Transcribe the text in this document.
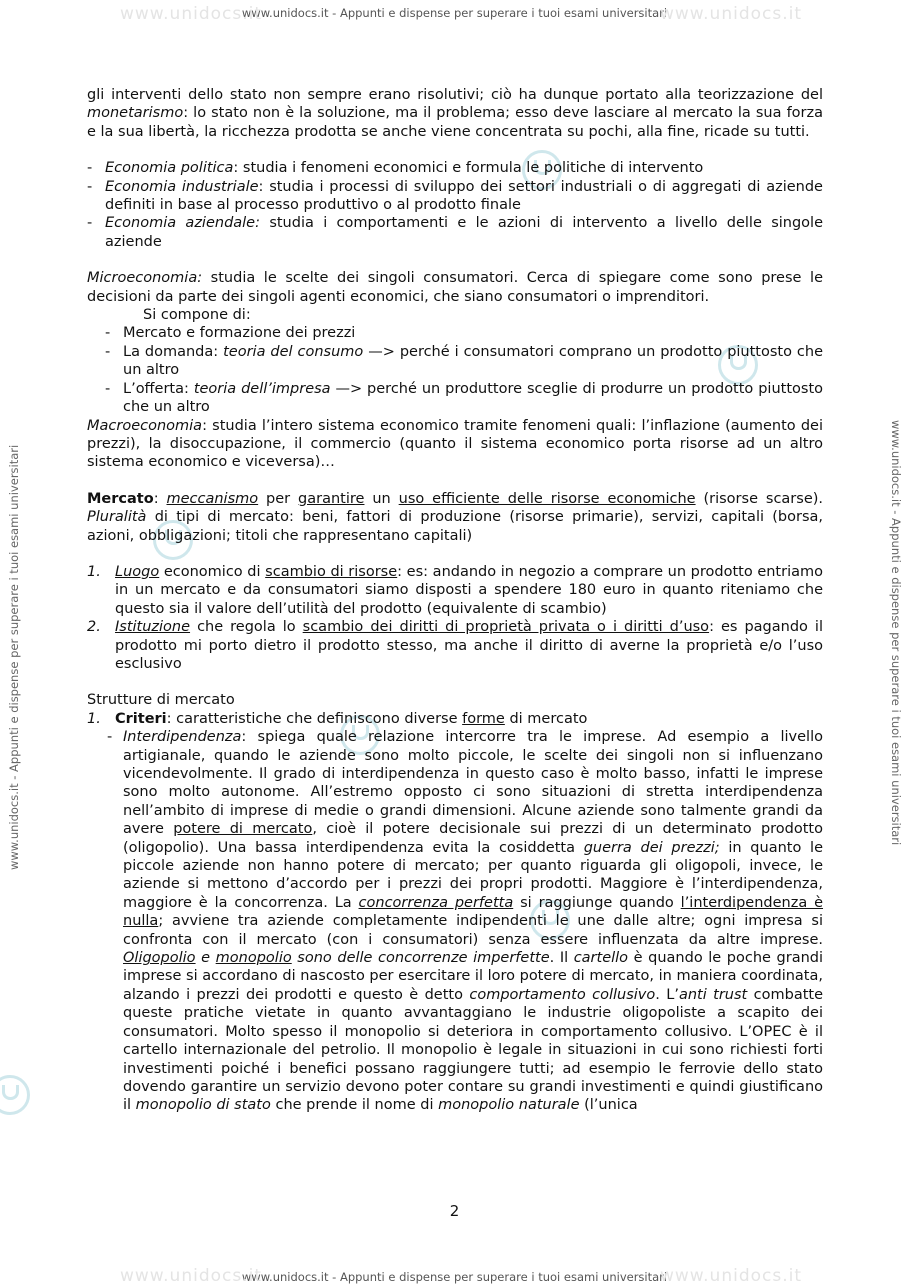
www.unidocs.it - Appunti e dispense per superare i tuoi esami universitari
www.unidocs.it - Appunti e dispense per superare i tuoi esami universitari
www.unidocs.it	www.unidocs.it
www.unidocs.it	www.unidocs.it
www.unidocs.it - Appunti e dispense per superare i tuoi esami universitari	www.unidocs.it - Appunti e dispense per superare i tuoi esami universitari

gli interventi dello stato non sempre erano risolutivi; ciò ha dunque portato alla teorizzazione del monetarismo: lo stato non è la soluzione, ma il problema; esso deve lasciare al mercato la sua forza e la sua libertà, la ricchezza prodotta se anche viene concentrata su pochi, alla fine, ricade su tutti.

- Economia politica: studia i fenomeni economici e formula le politiche di intervento
- Economia industriale: studia i processi di sviluppo dei settori industriali o di aggregati di aziende definiti in base al processo produttivo o al prodotto finale
- Economia aziendale: studia i comportamenti e le azioni di intervento a livello delle singole aziende

Microeconomia: studia le scelte dei singoli consumatori. Cerca di spiegare come sono prese le decisioni da parte dei singoli agenti economici, che siano consumatori o imprenditori.

Si compone di:

- Mercato e formazione dei prezzi
- La domanda: teoria del consumo —> perché i consumatori comprano un prodotto piuttosto che un altro
- L’offerta: teoria dell’impresa —> perché un produttore sceglie di produrre un prodotto piuttosto che un altro

Macroeconomia: studia l’intero sistema economico tramite fenomeni quali: l’inflazione (aumento dei prezzi), la disoccupazione, il commercio (quanto il sistema economico porta risorse ad un altro sistema economico e viceversa)…

Mercato: meccanismo per garantire un uso efficiente delle risorse economiche (risorse scarse). Pluralità di tipi di mercato: beni, fattori di produzione (risorse primarie), servizi, capitali (borsa, azioni, obbligazioni; titoli che rappresentano capitali)

1. Luogo economico di scambio di risorse: es: andando in negozio a comprare un prodotto entriamo in un mercato e da consumatori siamo disposti a spendere 180 euro in quanto riteniamo che questo sia il valore dell’utilità del prodotto (equivalente di scambio)
2. Istituzione che regola lo scambio dei diritti di proprietà privata o i diritti d’uso: es pagando il prodotto mi porto dietro il prodotto stesso, ma anche il diritto di averne la proprietà e/o l’uso esclusivo

Strutture di mercato

1. Criteri: caratteristiche che definiscono diverse forme di mercato
- Interdipendenza: spiega quale relazione intercorre tra le imprese. Ad esempio a livello artigianale, quando le aziende sono molto piccole, le scelte dei singoli non si influenzano vicendevolmente. Il grado di interdipendenza in questo caso è molto basso, infatti le imprese sono molto autonome. All’estremo opposto ci sono situazioni di stretta interdipendenza nell’ambito di imprese di medie o grandi dimensioni. Alcune aziende sono talmente grandi da avere potere di mercato, cioè il potere decisionale sui prezzi di un determinato prodotto (oligopolio). Una bassa interdipendenza evita la cosiddetta guerra dei prezzi; in quanto le piccole aziende non hanno potere di mercato; per quanto riguarda gli oligopoli, invece, le aziende si mettono d’accordo per i prezzi dei propri prodotti. Maggiore è l’interdipendenza, maggiore è la concorrenza. La concorrenza perfetta si raggiunge quando l’interdipendenza è nulla; avviene tra aziende completamente indipendenti le une dalle altre; ogni impresa si confronta con il mercato (con i consumatori) senza essere influenzata da altre imprese. Oligopolio e monopolio sono delle concorrenze imperfette. Il cartello è quando le poche grandi imprese si accordano di nascosto per esercitare il loro potere di mercato, in maniera coordinata, alzando i prezzi dei prodotti e questo è detto comportamento collusivo. L’anti trust combatte queste pratiche vietate in quanto avvantaggiano le industrie oligopoliste a scapito dei consumatori. Molto spesso il monopolio si deteriora in comportamento collusivo. L’OPEC è il cartello internazionale del petrolio. Il monopolio è legale in situazioni in cui sono richiesti forti investimenti poiché i benefici possano raggiungere tutti; ad esempio le ferrovie dello stato dovendo garantire un servizio devono poter contare su grandi investimenti e quindi giustificano il monopolio di stato che prende il nome di monopolio naturale (l’unica
2
